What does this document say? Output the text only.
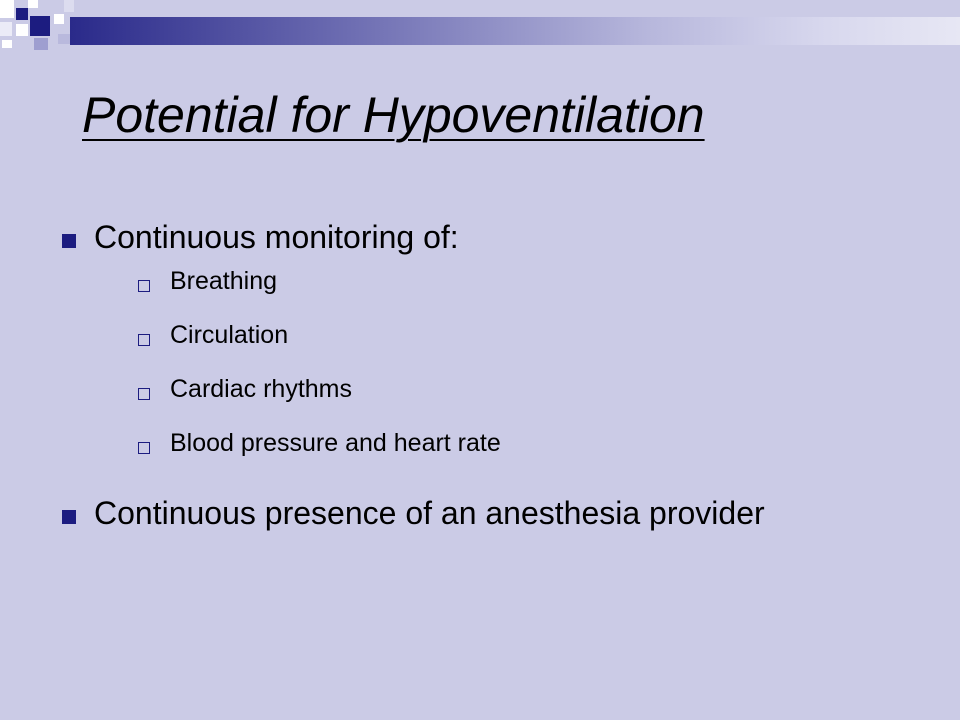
Potential for Hypoventilation
Continuous monitoring of:
Breathing
Circulation
Cardiac rhythms
Blood pressure and heart rate
Continuous presence of an anesthesia provider
